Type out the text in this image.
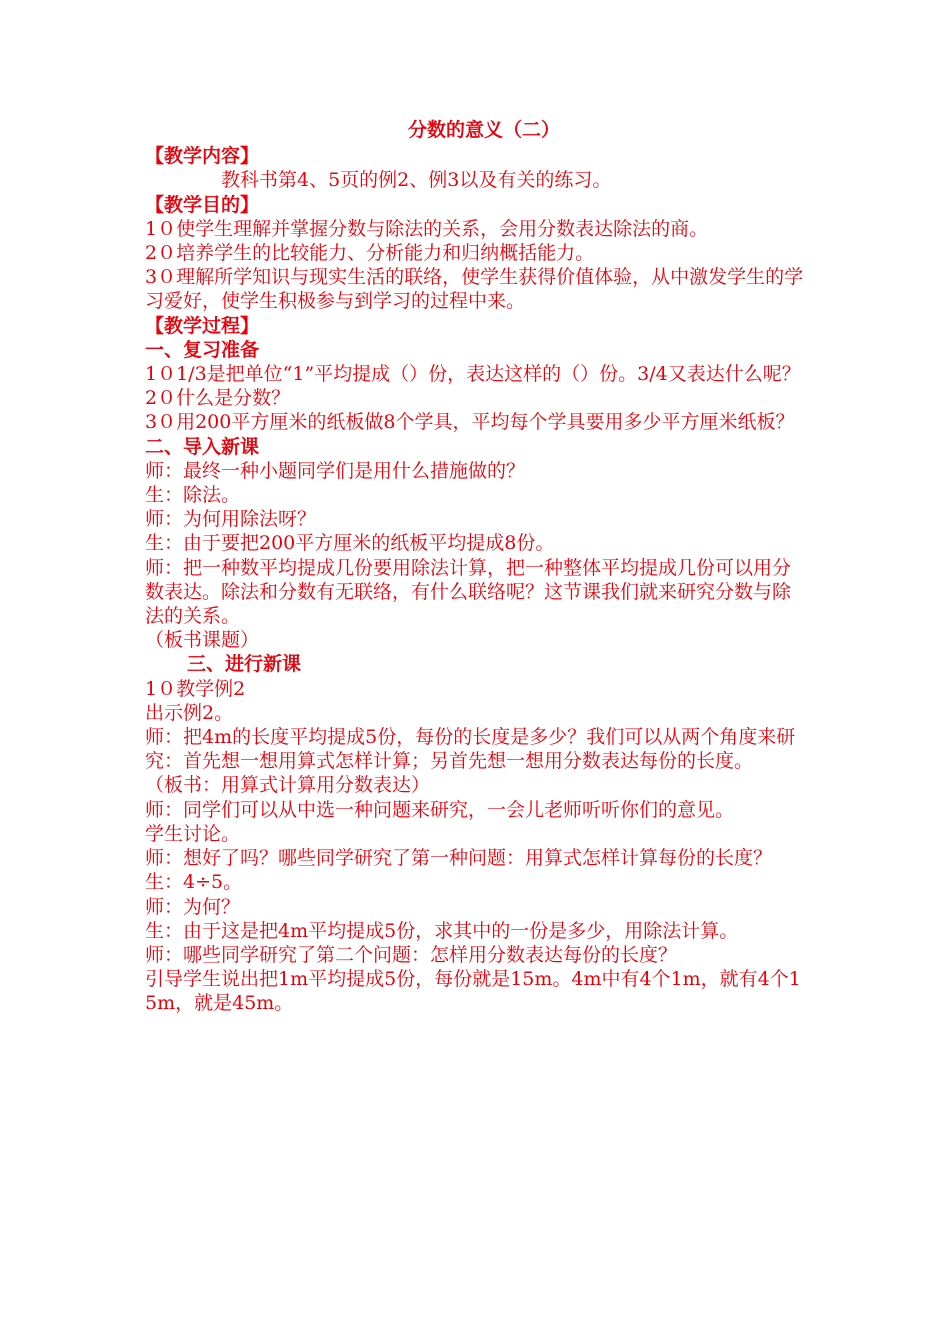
分数的意义（二）
【教学内容】
教科书第4、5页的例2、例3以及有关的练习。
【教学目的】
1０使学生理解并掌握分数与除法的关系，会用分数表达除法的商。
2０培养学生的比较能力、分析能力和归纳概括能力。
3０理解所学知识与现实生活的联络，使学生获得价值体验，从中激发学生的学习爱好，使学生积极参与到学习的过程中来。
【教学过程】
一、复习准备
1０1/3是把单位“1”平均提成（）份，表达这样的（）份。3/4又表达什么呢？
2０什么是分数？
3０用200平方厘米的纸板做8个学具，平均每个学具要用多少平方厘米纸板？
二、导入新课
师：最终一种小题同学们是用什么措施做的？
生：除法。
师：为何用除法呀？
生：由于要把200平方厘米的纸板平均提成8份。
师：把一种数平均提成几份要用除法计算，把一种整体平均提成几份可以用分数表达。除法和分数有无联络，有什么联络呢？这节课我们就来研究分数与除法的关系。
（板书课题）
三、进行新课
1０教学例2
出示例2。
师：把4m的长度平均提成5份，每份的长度是多少？我们可以从两个角度来研究：首先想一想用算式怎样计算；另首先想一想用分数表达每份的长度。
（板书：用算式计算用分数表达）
师：同学们可以从中选一种问题来研究，一会儿老师听听你们的意见。
学生讨论。
师：想好了吗？哪些同学研究了第一种问题：用算式怎样计算每份的长度？
生：4÷5。
师：为何？
生：由于这是把4m平均提成5份，求其中的一份是多少，用除法计算。
师：哪些同学研究了第二个问题：怎样用分数表达每份的长度？
引导学生说出把1m平均提成5份，每份就是15m。4m中有4个1m，就有4个15m，就是45m。
